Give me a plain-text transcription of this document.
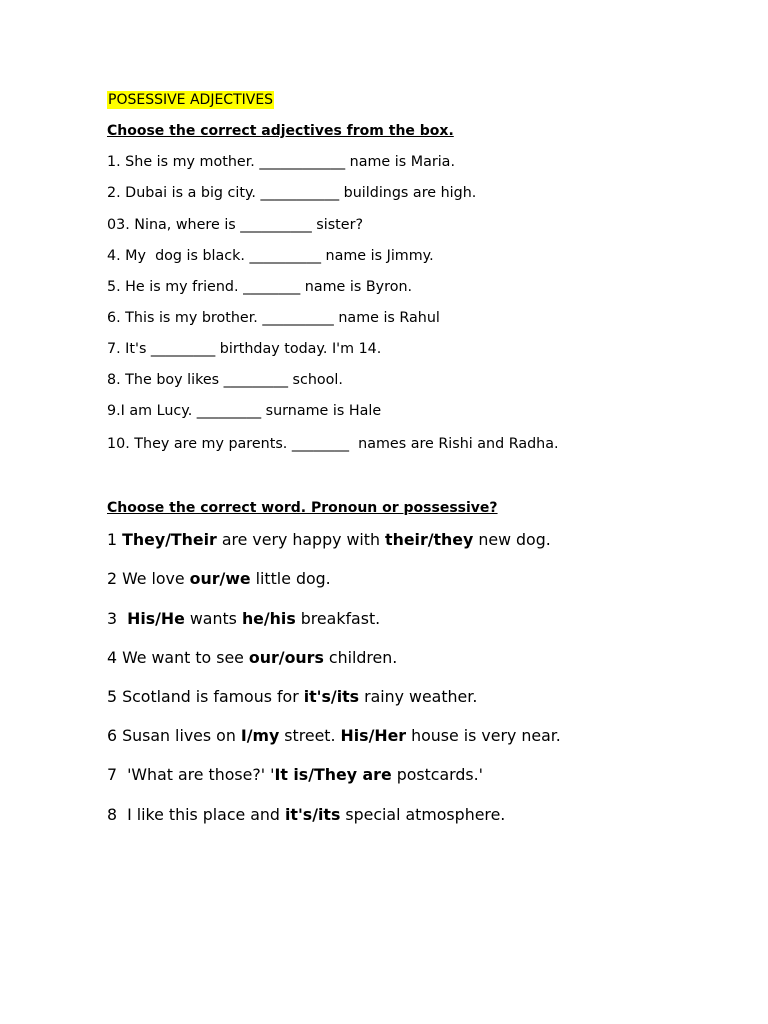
POSESSIVE ADJECTIVES
Choose the correct adjectives from the box.
1. She is my mother. ____________ name is Maria.
2. Dubai is a big city. ___________ buildings are high.
03. Nina, where is __________ sister?
4. My  dog is black. __________ name is Jimmy.
5. He is my friend. ________ name is Byron.
6. This is my brother. __________ name is Rahul
7. It's _________ birthday today. I'm 14.
8. The boy likes _________ school.
9.I am Lucy. _________ surname is Hale
10. They are my parents. ________  names are Rishi and Radha.
Choose the correct word. Pronoun or possessive?
1 They/Their are very happy with their/they new dog.
2 We love our/we little dog.
3  His/He wants he/his breakfast.
4 We want to see our/ours children.
5 Scotland is famous for it's/its rainy weather.
6 Susan lives on I/my street. His/Her house is very near.
7  'What are those?' 'It is/They are postcards.'
8  I like this place and it's/its special atmosphere.
